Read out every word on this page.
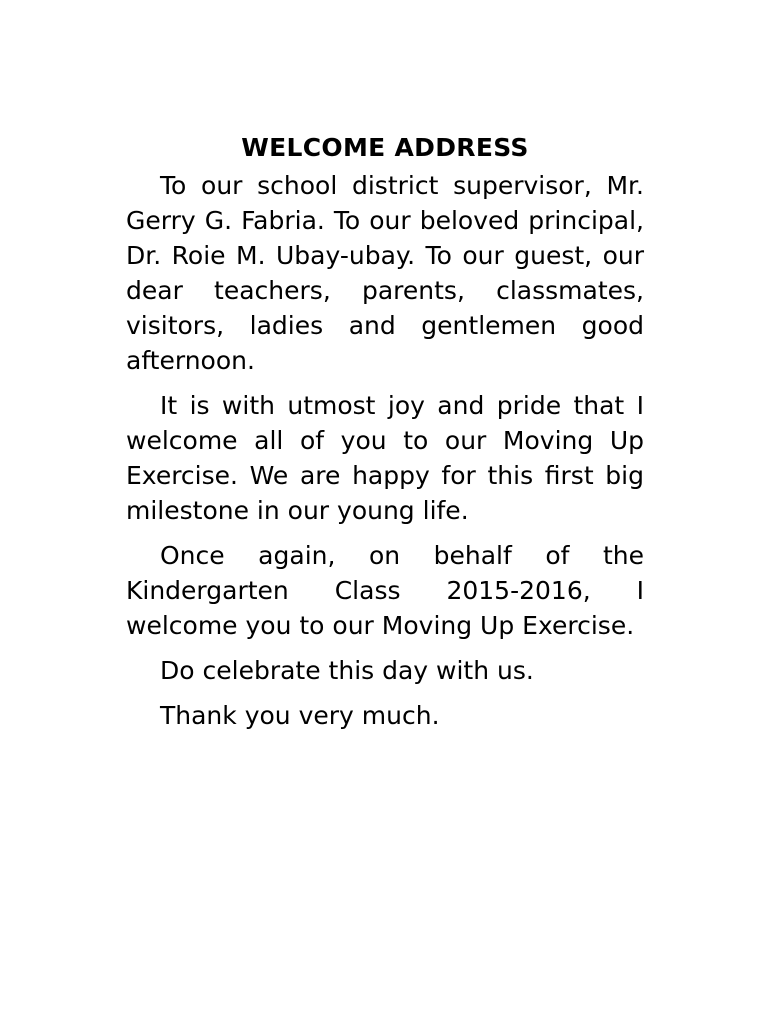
WELCOME ADDRESS

To our school district supervisor, Mr. Gerry G. Fabria. To our beloved principal, Dr. Roie M. Ubay-ubay. To our guest, our dear teachers, parents, classmates, visitors, ladies and gentlemen good afternoon.

It is with utmost joy and pride that I welcome all of you to our Moving Up Exercise. We are happy for this first big milestone in our young life.

Once again, on behalf of the Kindergarten Class 2015-2016, I welcome you to our Moving Up Exercise.

Do celebrate this day with us.

Thank you very much.
